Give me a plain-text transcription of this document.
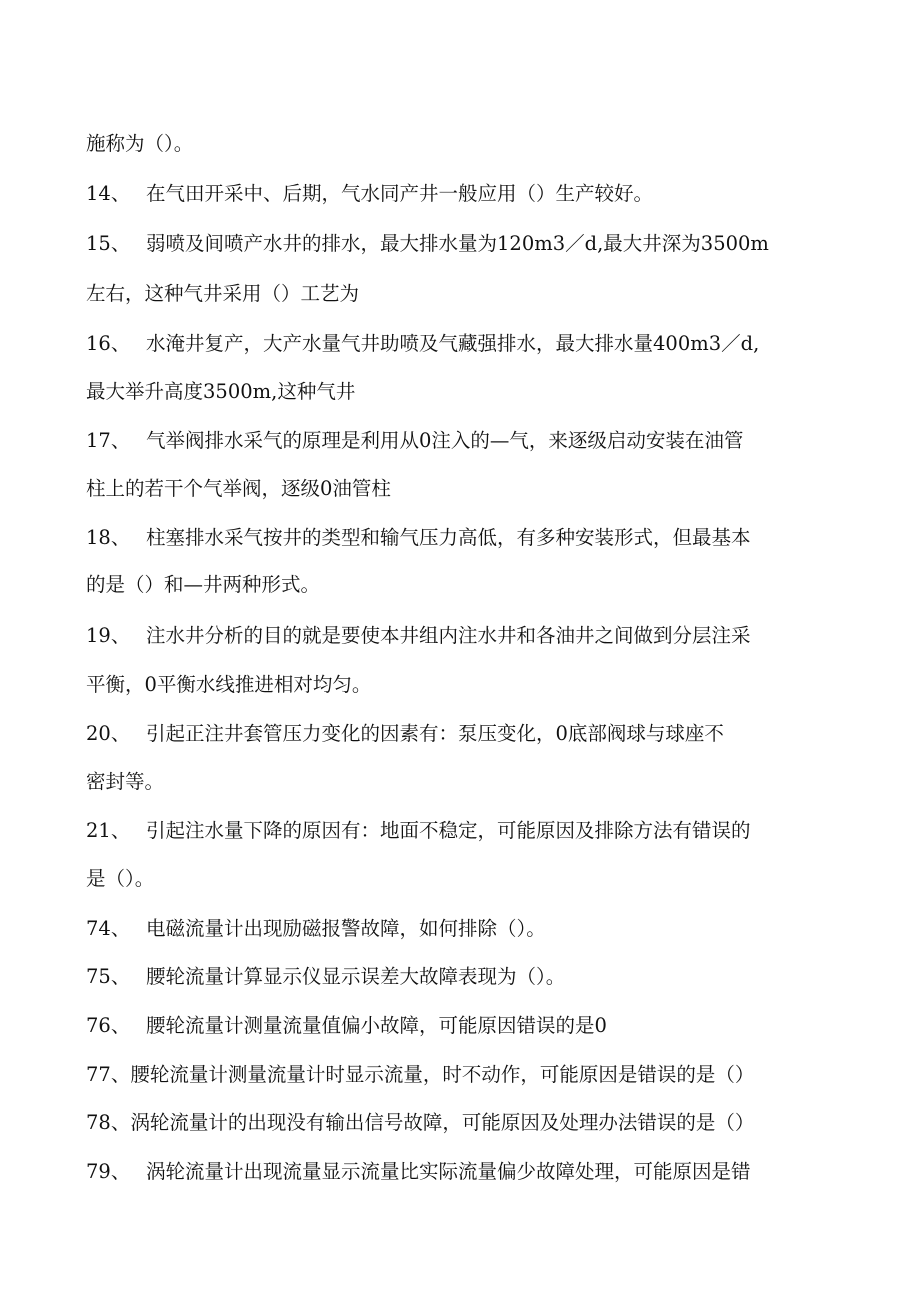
施称为（）。
14、 在气田开采中、后期，气水同产井一般应用（）生产较好。
15、 弱喷及间喷产水井的排水，最大排水量为120m3／d,最大井深为3500m
左右，这种气井采用（）工艺为
16、 水淹井复产，大产水量气井助喷及气藏强排水，最大排水量400m3／d,
最大举升高度3500m,这种气井
17、 气举阀排水采气的原理是利用从0注入的—气，来逐级启动安装在油管
柱上的若干个气举阀，逐级0油管柱
18、 柱塞排水采气按井的类型和输气压力高低，有多种安装形式，但最基本
的是（）和—井两种形式。
19、 注水井分析的目的就是要使本井组内注水井和各油井之间做到分层注采
平衡，0平衡水线推进相对均匀。
20、 引起正注井套管压力变化的因素有：泵压变化，0底部阀球与球座不
密封等。
21、 引起注水量下降的原因有：地面不稳定，可能原因及排除方法有错误的
是（）。
74、 电磁流量计出现励磁报警故障，如何排除（）。
75、 腰轮流量计算显示仪显示误差大故障表现为（）。
76、 腰轮流量计测量流量值偏小故障，可能原因错误的是0
77、腰轮流量计测量流量计时显示流量，时不动作，可能原因是错误的是（）
78、涡轮流量计的出现没有输出信号故障，可能原因及处理办法错误的是（）
79、 涡轮流量计出现流量显示流量比实际流量偏少故障处理，可能原因是错
